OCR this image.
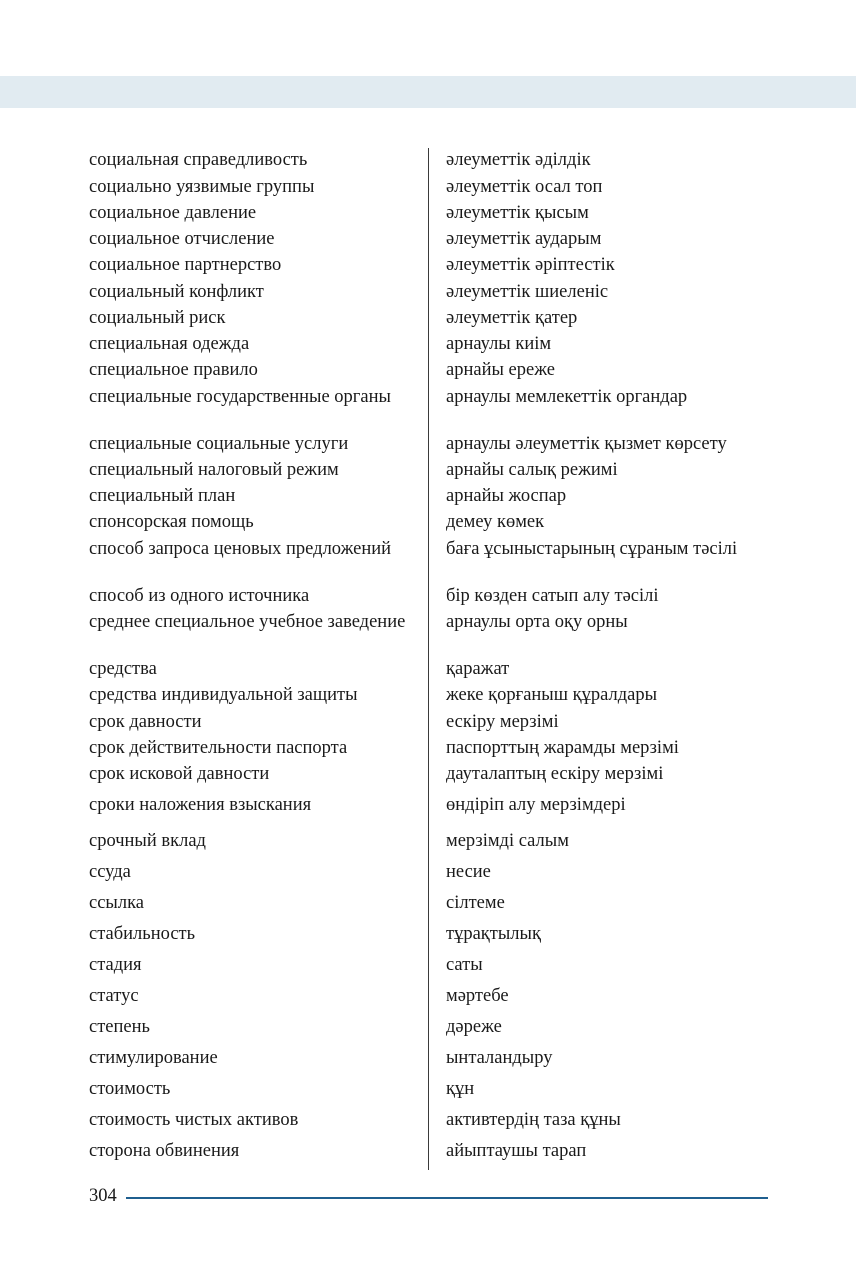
социальная справедливость	әлеуметтік әділдік
социально уязвимые группы	әлеуметтік осал топ
социальное давление	әлеуметтік қысым
социальное отчисление	әлеуметтік аударым
социальное партнерство	әлеуметтік әріптестік
социальный конфликт	әлеуметтік шиеленіс
социальный риск	әлеуметтік қатер
специальная одежда	арнаулы киім
специальное правило	арнайы ереже
специальные государственные органы	арнаулы мемлекеттік органдар
специальные социальные услуги	арнаулы әлеуметтік қызмет көрсету
специальный налоговый режим	арнайы салық режимі
специальный план	арнайы жоспар
спонсорская помощь	демеу көмек
способ запроса ценовых предложений	баға ұсыныстарының сұраным тәсілі
способ из одного источника	бір көзден сатып алу тәсілі
среднее специальное учебное заведение	арнаулы орта оқу орны
средства	қаражат
средства индивидуальной защиты	жеке қорғаныш құралдары
срок давности	ескіру мерзімі
срок действительности паспорта	паспорттың жарамды мерзімі
срок исковой давности	дауталаптың ескіру мерзімі
сроки наложения взыскания	өндіріп алу мерзімдері
срочный вклад	мерзімді салым
ссуда	несие
ссылка	сілтеме
стабильность	тұрақтылық
стадия	саты
статус	мәртебе
степень	дәреже
стимулирование	ынталандыру
стоимость	құн
стоимость чистых активов	активтердің таза құны
сторона обвинения	айыптаушы тарап
304
